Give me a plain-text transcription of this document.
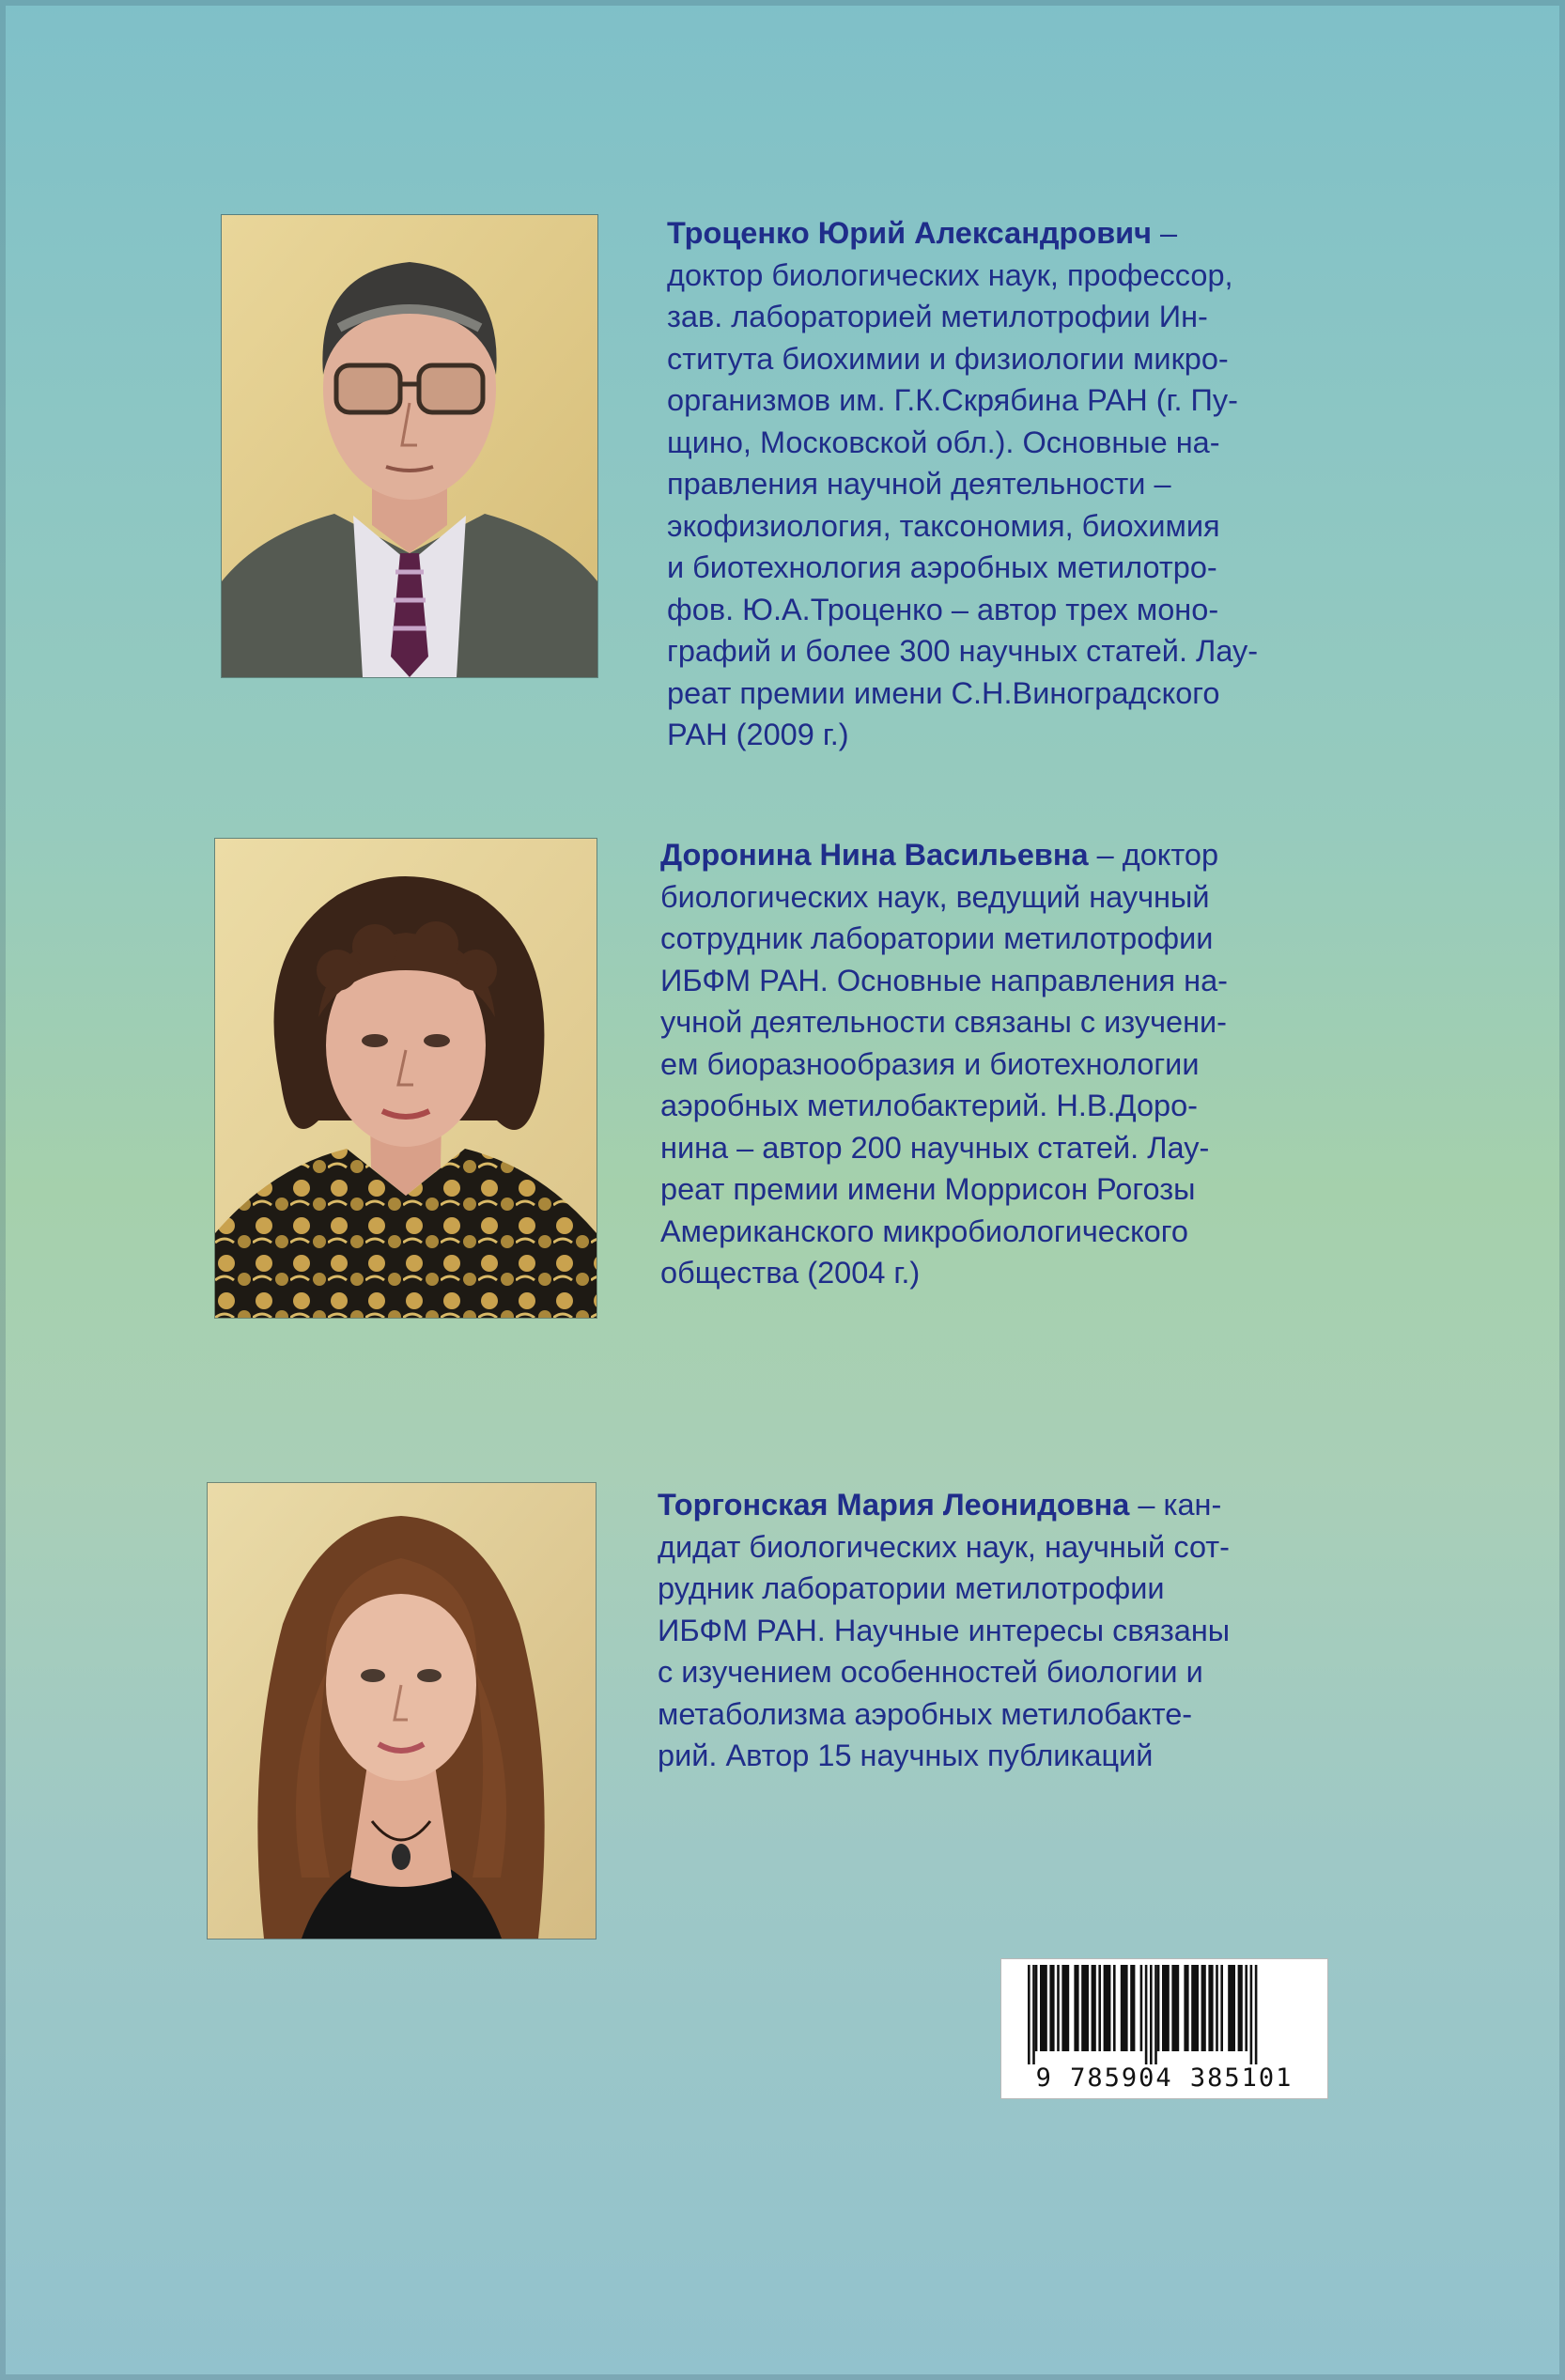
Троценко Юрий Александрович –
доктор биологических наук, профессор,
зав. лабораторией метилотрофии Ин-
ститута биохимии и физиологии микро-
организмов им. Г.К.Скрябина РАН (г. Пу-
щино, Московской обл.). Основные на-
правления научной деятельности –
экофизиология, таксономия, биохимия
и биотехнология аэробных метилотро-
фов. Ю.А.Троценко – автор трех моно-
графий и более 300 научных статей. Лау-
реат премии имени С.Н.Виноградского
РАН (2009 г.)
Доронина Нина Васильевна – доктор
биологических наук, ведущий научный
сотрудник лаборатории метилотрофии
ИБФМ РАН. Основные направления на-
учной деятельности связаны с изучени-
ем биоразнообразия и биотехнологии
аэробных метилобактерий. Н.В.Доро-
нина – автор 200 научных статей. Лау-
реат премии имени Моррисон Рогозы
Американского микробиологического
общества (2004 г.)
Торгонская Мария Леонидовна – кан-
дидат биологических наук, научный сот-
рудник лаборатории метилотрофии
ИБФМ РАН. Научные интересы связаны
с изучением особенностей биологии и
метаболизма аэробных метилобакте-
рий. Автор 15 научных публикаций
9 785904 385101
